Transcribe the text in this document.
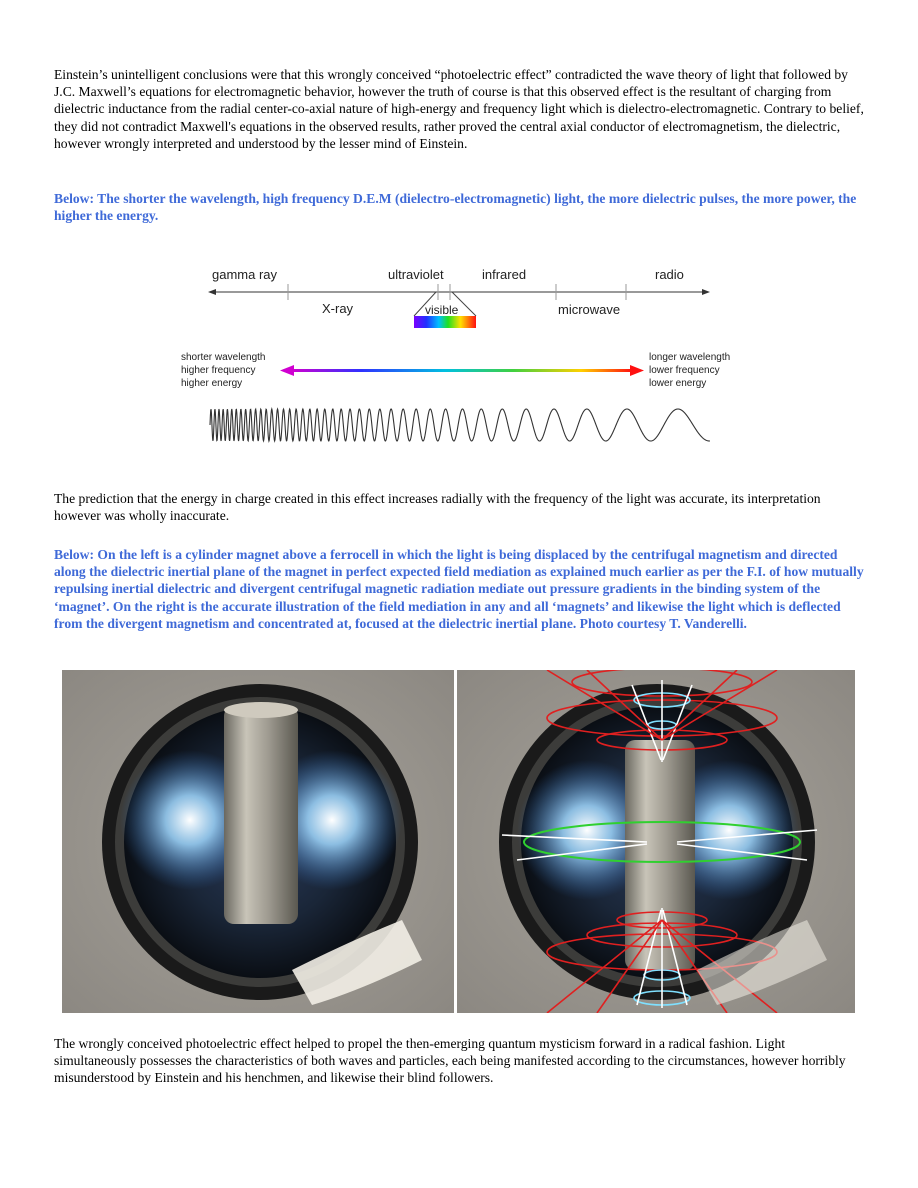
Einstein’s unintelligent conclusions were that this wrongly conceived “photoelectric effect” contradicted the wave theory of light that followed by J.C. Maxwell’s equations for electromagnetic behavior, however the truth of course is that this observed effect is the resultant of charging from dielectric inductance from the radial center-co-axial nature of high-energy and frequency light which is dielectro-electromagnetic. Contrary to belief, they did not contradict Maxwell's equations in the observed results, rather proved the central axial conductor of electromagnetism, the dielectric, however wrongly interpreted and understood by the lesser mind of Einstein.

Below: The shorter the wavelength, high frequency D.E.M (dielectro-electromagnetic) light, the more dielectric pulses, the more power, the higher the energy.

gamma ray	ultraviolet	infrared	radio
X-ray	visible	microwave
shorter wavelength
higher frequency
higher energy
longer wavelength
lower frequency
lower energy

The prediction that the energy in charge created in this effect increases radially with the frequency of the light was accurate, its interpretation however was wholly inaccurate.

Below: On the left is a cylinder magnet above a ferrocell in which the light is being displaced by the centrifugal magnetism and directed along the dielectric inertial plane of the magnet in perfect expected field mediation as explained much earlier as per the F.I. of how mutually repulsing inertial dielectric and divergent centrifugal magnetic radiation mediate out pressure gradients in the binding system of the ‘magnet’. On the right is the accurate illustration of the field mediation in any and all ‘magnets’ and likewise the light which is deflected from the divergent magnetism and concentrated at, focused at the dielectric inertial plane. Photo courtesy T. Vanderelli.

The wrongly conceived photoelectric effect helped to propel the then-emerging quantum mysticism forward in a radical fashion. Light simultaneously possesses the characteristics of both waves and particles, each being manifested according to the circumstances, however horribly misunderstood by Einstein and his henchmen, and likewise their blind followers.
